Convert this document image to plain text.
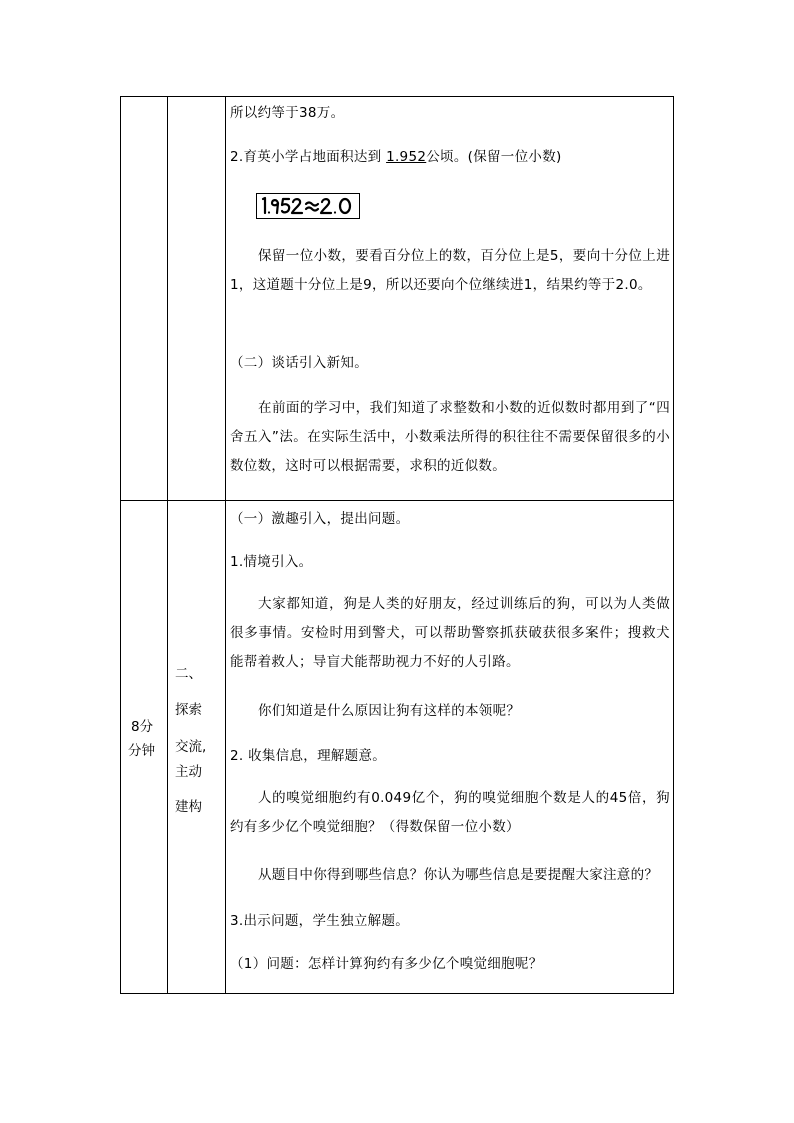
所以约等于38万。
2.育英小学占地面积达到 1.952公顷。(保留一位小数)
保留一位小数，要看百分位上的数，百分位上是5，要向十分位上进1，这道题十分位上是9，所以还要向个位继续进1，结果约等于2.0。
（二）谈话引入新知。
在前面的学习中，我们知道了求整数和小数的近似数时都用到了“四舍五入”法。在实际生活中，小数乘法所得的积往往不需要保留很多的小数位数，这时可以根据需要，求积的近似数。
8分
分钟
二、
探索
交流,
主动
建构
（一）激趣引入，提出问题。
1.情境引入。
大家都知道，狗是人类的好朋友，经过训练后的狗，可以为人类做很多事情。安检时用到警犬，可以帮助警察抓获破获很多案件；搜救犬能帮着救人；导盲犬能帮助视力不好的人引路。
你们知道是什么原因让狗有这样的本领呢？
2. 收集信息，理解题意。
人的嗅觉细胞约有0.049亿个，狗的嗅觉细胞个数是人的45倍，狗约有多少亿个嗅觉细胞？（得数保留一位小数）
从题目中你得到哪些信息？你认为哪些信息是要提醒大家注意的？
3.出示问题，学生独立解题。
（1）问题：怎样计算狗约有多少亿个嗅觉细胞呢？
